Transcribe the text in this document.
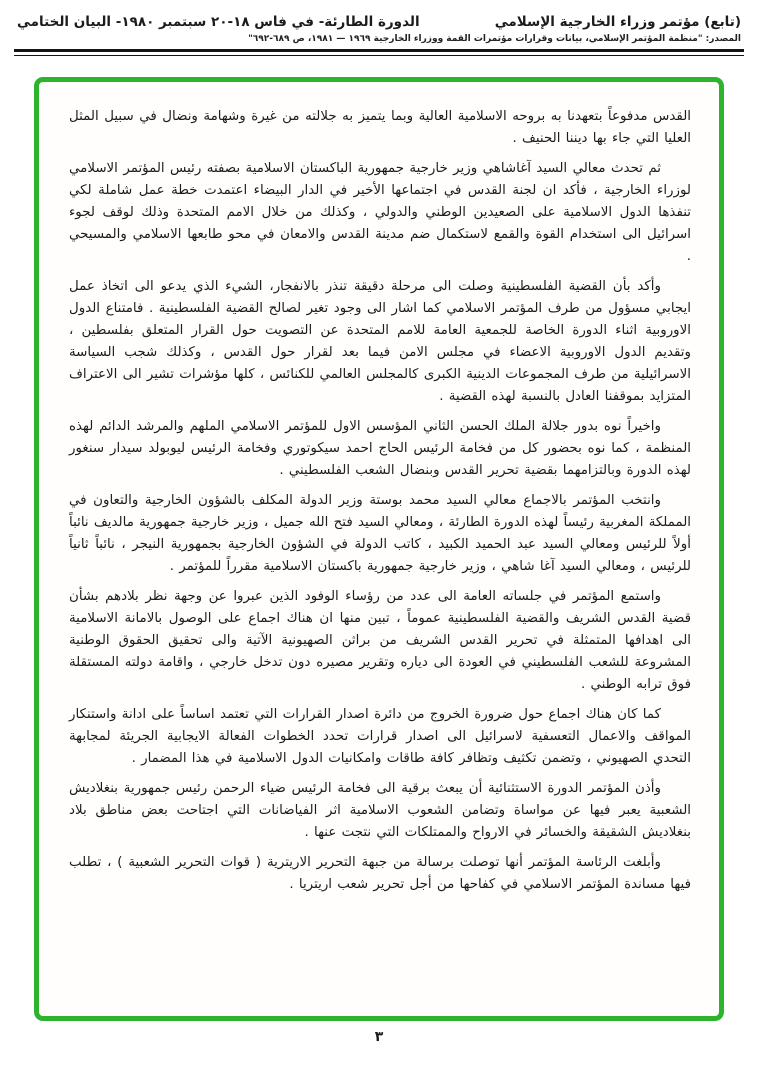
(تابع) مؤتمر وزراء الخارجية الإسلامي
الدورة الطارئة- في فاس ١٨-٢٠ سبتمبر ١٩٨٠- البيان الختامي
المصدر: "منظمة المؤتمر الإسلامي، بيانات وقرارات مؤتمرات القمة ووزراء الخارجية ١٩٦٩ — ١٩٨١، ص ٦٨٩-٦٩٢"

القدس مدفوعاً بتعهدنا به بروحه الاسلامية العالية وبما يتميز به جلالته من غيرة وشهامة ونضال في سبيل المثل العليا التي جاء بها ديننا الحنيف .

ثم تحدث معالي السيد آغاشاهي وزير خارجية جمهورية الباكستان الاسلامية بصفته رئيس المؤتمر الاسلامي لوزراء الخارجية ، فأكد ان لجنة القدس في اجتماعها الأخير في الدار البيضاء اعتمدت خطة عمل شاملة لكي تنفذها الدول الاسلامية على الصعيدين الوطني والدولي ، وكذلك من خلال الامم المتحدة وذلك لوقف لجوء اسرائيل الى استخدام القوة والقمع لاستكمال ضم مدينة القدس والامعان في محو طابعها الاسلامي والمسيحي .

وأكد بأن القضية الفلسطينية وصلت الى مرحلة دقيقة تنذر بالانفجار، الشيء الذي يدعو الى اتخاذ عمل ايجابي مسؤول من طرف المؤتمر الاسلامي كما اشار الى وجود تغير لصالح القضية الفلسطينية . فامتناع الدول الاوروبية اثناء الدورة الخاصة للجمعية العامة للامم المتحدة عن التصويت حول القرار المتعلق بفلسطين ، وتقديم الدول الاوروبية الاعضاء في مجلس الامن فيما بعد لقرار حول القدس ، وكذلك شجب السياسة الاسرائيلية من طرف المجموعات الدينية الكبرى كالمجلس العالمي للكنائس ، كلها مؤشرات تشير الى الاعتراف المتزايد بموقفنا العادل بالنسبة لهذه القضية .

واخيراً نوه بدور جلالة الملك الحسن الثاني المؤسس الاول للمؤتمر الاسلامي الملهم والمرشد الدائم لهذه المنظمة ، كما نوه بحضور كل من فخامة الرئيس الحاج احمد سيكوتوري وفخامة الرئيس ليوبولد سيدار سنغور لهذه الدورة وبالتزامهما بقضية تحرير القدس وبنضال الشعب الفلسطيني .

وانتخب المؤتمر بالاجماع معالي السيد محمد بوستة وزير الدولة المكلف بالشؤون الخارجية والتعاون في المملكة المغربية رئيساً لهذه الدورة الطارئة ، ومعالي السيد فتح الله جميل ، وزير خارجية جمهورية مالديف نائباً أولاً للرئيس ومعالي السيد عبد الحميد الكبيد ، كاتب الدولة في الشؤون الخارجية بجمهورية النيجر ، نائباً ثانياً للرئيس ، ومعالي السيد آغا شاهي ، وزير خارجية جمهورية باكستان الاسلامية مقرراً للمؤتمر .

واستمع المؤتمر في جلساته العامة الى عدد من رؤساء الوفود الذين عبروا عن وجهة نظر بلادهم بشأن قضية القدس الشريف والقضية الفلسطينية عموماً ، تبين منها ان هناك اجماع على الوصول بالامانة الاسلامية الى اهدافها المتمثلة في تحرير القدس الشريف من براثن الصهيونية الآتية والى تحقيق الحقوق الوطنية المشروعة للشعب الفلسطيني في العودة الى دياره وتقرير مصيره دون تدخل خارجي ، واقامة دولته المستقلة فوق ترابه الوطني .

كما كان هناك اجماع حول ضرورة الخروج من دائرة اصدار القرارات التي تعتمد اساساً على ادانة واستنكار المواقف والاعمال التعسفية لاسرائيل الى اصدار قرارات تحدد الخطوات الفعالة الايجابية الجريئة لمجابهة التحدي الصهيوني ، وتضمن تكثيف وتظافر كافة طاقات وامكانيات الدول الاسلامية في هذا المضمار .

وأذن المؤتمر الدورة الاستثنائية أن يبعث برقية الى فخامة الرئيس ضياء الرحمن رئيس جمهورية بنغلاديش الشعبية يعبر فيها عن مواساة وتضامن الشعوب الاسلامية اثر الفياضانات التي اجتاحت بعض مناطق بلاد بنغلاديش الشقيقة والخسائر في الارواح والممتلكات التي نتجت عنها .

وأبلغت الرئاسة المؤتمر أنها توصلت برسالة من جبهة التحرير الاريترية ( قوات التحرير الشعبية ) ، تطلب فيها مساندة المؤتمر الاسلامي في كفاحها من أجل تحرير شعب اريتريا .

٣
